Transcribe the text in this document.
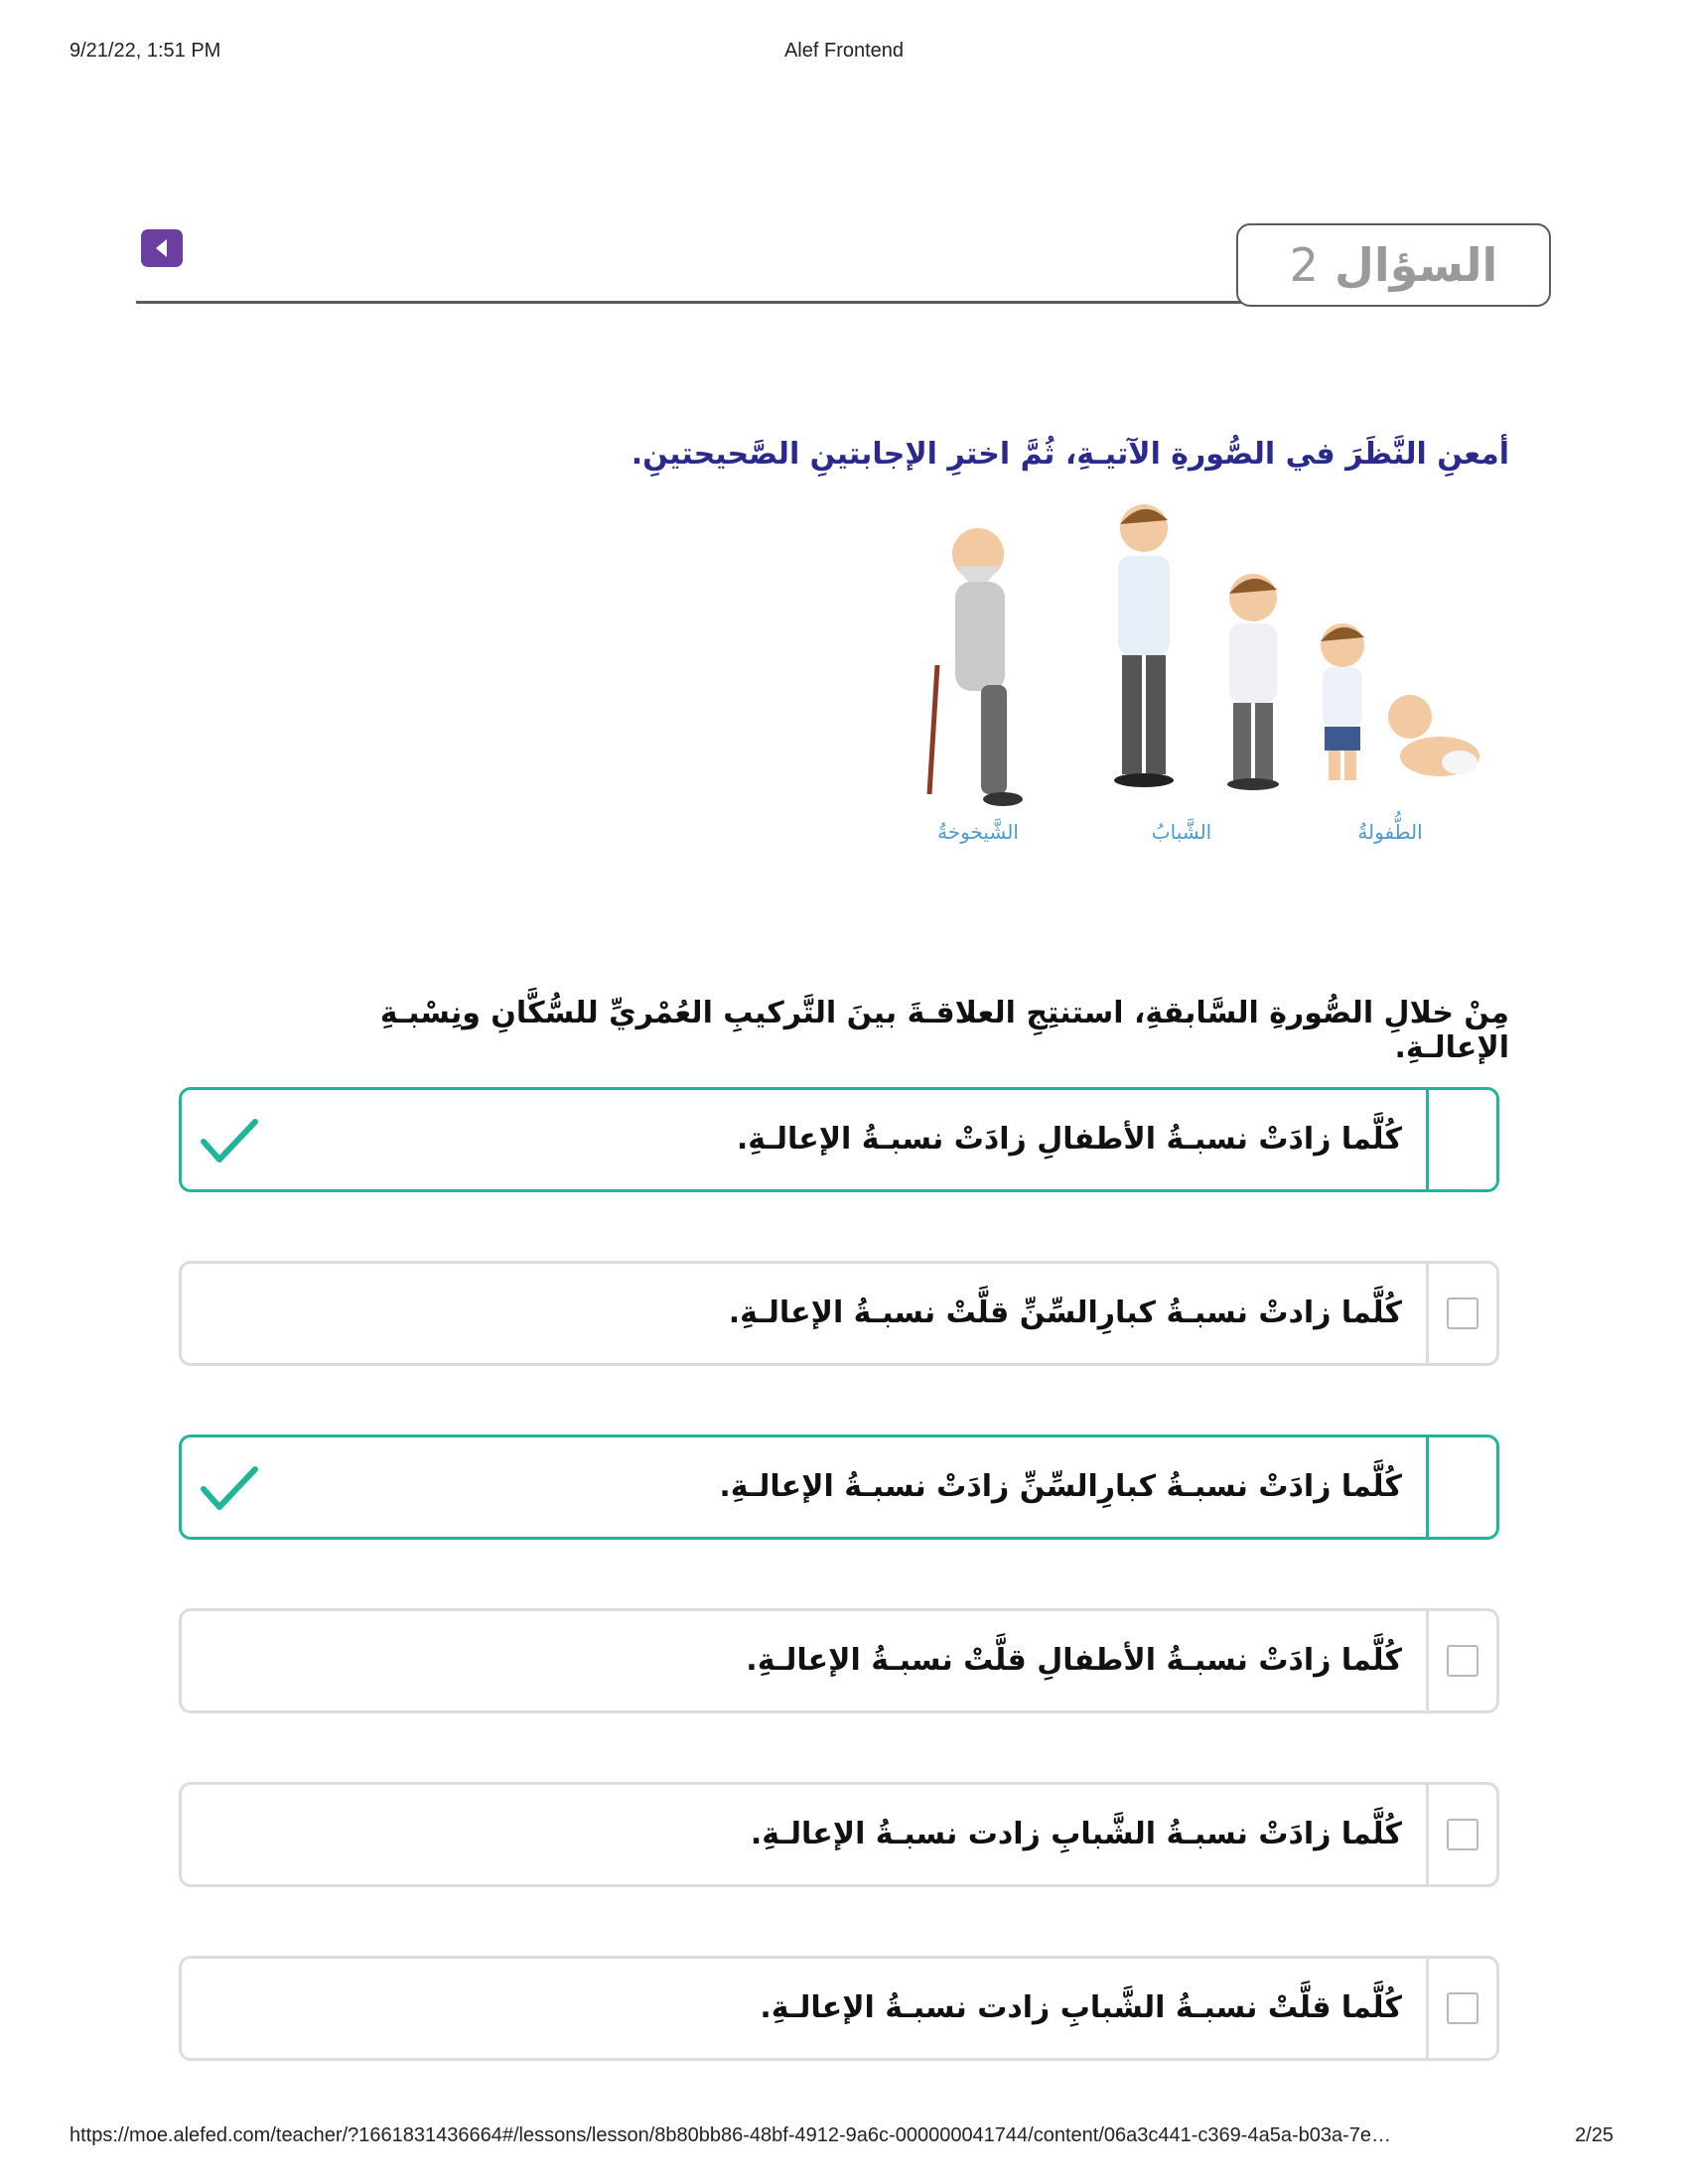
9/21/22, 1:51 PM	Alef Frontend
السؤال
2
أمعنِ النَّظَرَ في الصُّورةِ الآتيـةِ، ثُمَّ اخترِ الإجابتينِ الصَّحيحتينِ.
الشَّيخوخةُ	الشَّبابُ	الطُّفولةُ
مِنْ خلالِ الصُّورةِ السَّابقةِ، استنتِجِ العلاقـةَ بينَ التَّركيبِ العُمْريِّ للسُّكَّانِ ونِسْبـةِ الإعالـةِ.
كُلَّما زادَتْ نسبـةُ الأطفالِ زادَتْ نسبـةُ الإعالـةِ.
كُلَّما زادتْ نسبـةُ كبارِالسِّنِّ قلَّتْ نسبـةُ الإعالـةِ.
كُلَّما زادَتْ نسبـةُ كبارِالسِّنِّ زادَتْ نسبـةُ الإعالـةِ.
كُلَّما زادَتْ نسبـةُ الأطفالِ قلَّتْ نسبـةُ الإعالـةِ.
كُلَّما زادَتْ نسبـةُ الشَّبابِ زادت نسبـةُ الإعالـةِ.
كُلَّما قلَّتْ نسبـةُ الشَّبابِ زادت نسبـةُ الإعالـةِ.
https://moe.alefed.com/teacher/?1661831436664#/lessons/lesson/8b80bb86-48bf-4912-9a6c-000000041744/content/06a3c441-c369-4a5a-b03a-7e…	2/25
